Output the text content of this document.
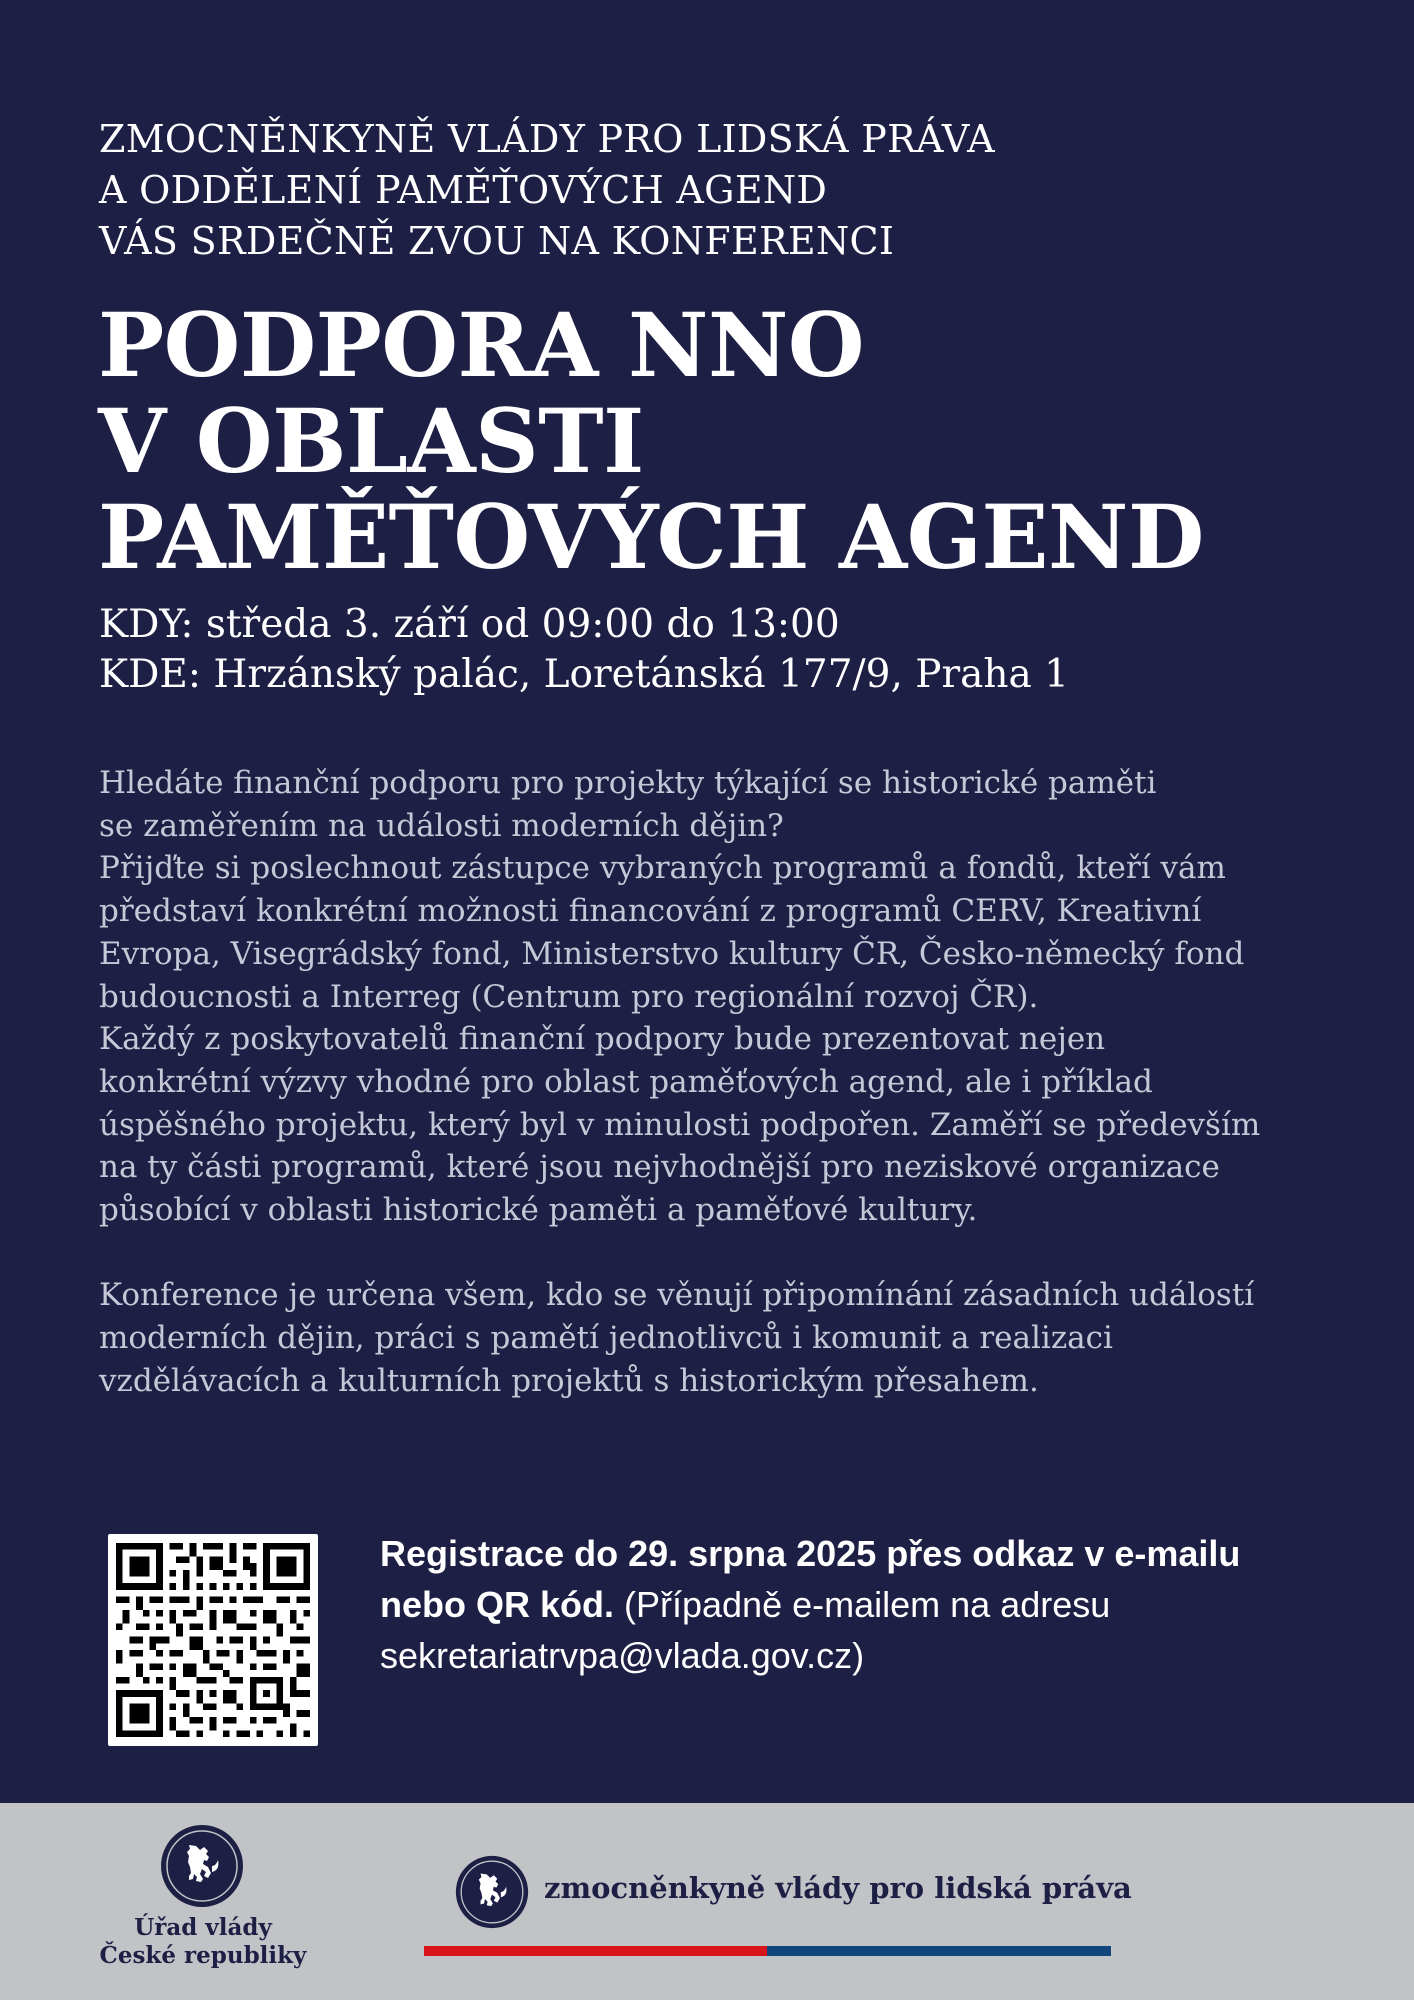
ZMOCNĚNKYNĚ VLÁDY PRO LIDSKÁ PRÁVA
A ODDĚLENÍ PAMĚŤOVÝCH AGEND
VÁS SRDEČNĚ ZVOU NA KONFERENCI
PODPORA NNO
V OBLASTI
PAMĚŤOVÝCH AGEND
KDY: středa 3. září od 09:00 do 13:00
KDE: Hrzánský palác, Loretánská 177/9, Praha 1
Hledáte finanční podporu pro projekty týkající se historické paměti
se zaměřením na události moderních dějin?
Přijďte si poslechnout zástupce vybraných programů a fondů, kteří vám
představí konkrétní možnosti financování z programů CERV, Kreativní
Evropa, Visegrádský fond, Ministerstvo kultury ČR, Česko-německý fond
budoucnosti a Interreg (Centrum pro regionální rozvoj ČR).
Každý z poskytovatelů finanční podpory bude prezentovat nejen
konkrétní výzvy vhodné pro oblast paměťových agend, ale i příklad
úspěšného projektu, který byl v minulosti podpořen. Zaměří se především
na ty části programů, které jsou nejvhodnější pro neziskové organizace
působící v oblasti historické paměti a paměťové kultury.
Konference je určena všem, kdo se věnují připomínání zásadních událostí
moderních dějin, práci s pamětí jednotlivců i komunit a realizaci
vzdělávacích a kulturních projektů s historickým přesahem.
Registrace do 29. srpna 2025 přes odkaz v e-mailu
nebo QR kód. (Případně e-mailem na adresu
sekretariatrvpa@vlada.gov.cz)
Úřad vlády
České republiky
zmocněnkyně vlády pro lidská práva
